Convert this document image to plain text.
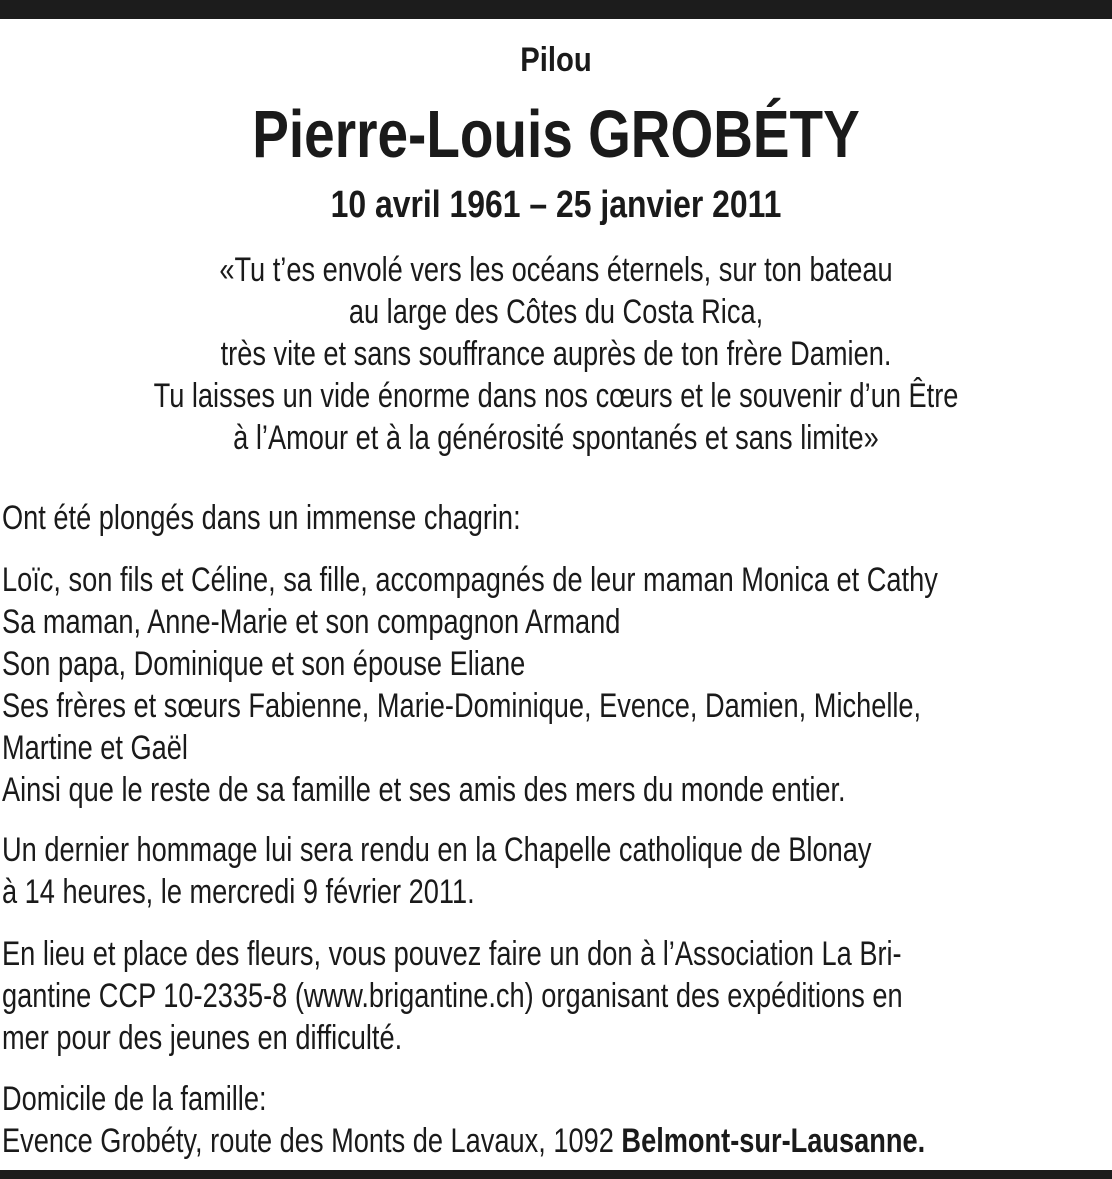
Pilou
Pierre-Louis GROBÉTY
10 avril 1961 – 25 janvier 2011
«Tu t’es envolé vers les océans éternels, sur ton bateau
au large des Côtes du Costa Rica,
très vite et sans souffrance auprès de ton frère Damien.
Tu laisses un vide énorme dans nos cœurs et le souvenir d’un Être
à l’Amour et à la générosité spontanés et sans limite»
Ont été plongés dans un immense chagrin:
Loïc, son fils et Céline, sa fille, accompagnés de leur maman Monica et Cathy
Sa maman, Anne-Marie et son compagnon Armand
Son papa, Dominique et son épouse Eliane
Ses frères et sœurs Fabienne, Marie-Dominique, Evence, Damien, Michelle,
Martine et Gaël
Ainsi que le reste de sa famille et ses amis des mers du monde entier.
Un dernier hommage lui sera rendu en la Chapelle catholique de Blonay
à 14 heures, le mercredi 9 février 2011.
En lieu et place des fleurs, vous pouvez faire un don à l’Association La Bri-
gantine CCP 10-2335-8 (www.brigantine.ch) organisant des expéditions en
mer pour des jeunes en difficulté.
Domicile de la famille:
Evence Grobéty, route des Monts de Lavaux, 1092 Belmont-sur-Lausanne.
